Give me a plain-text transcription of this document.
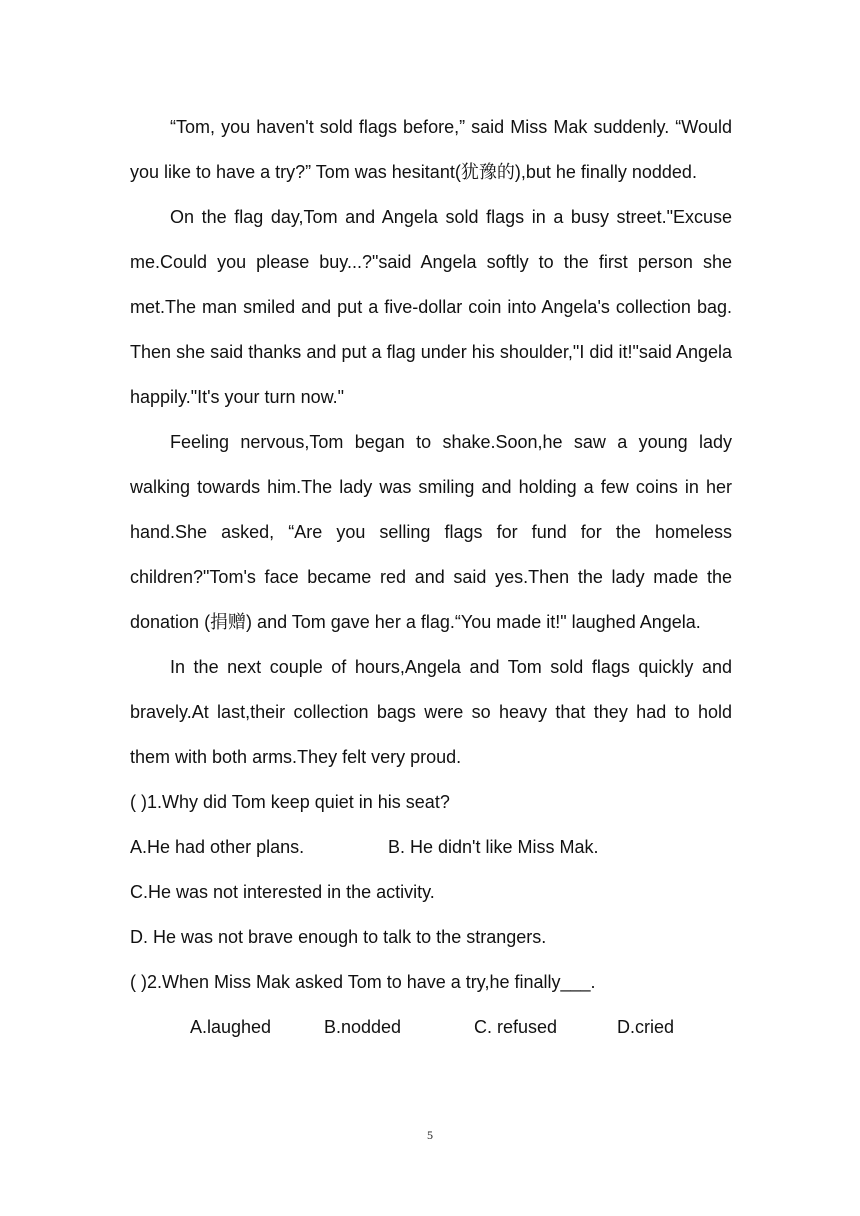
“Tom, you haven't sold flags before,” said Miss Mak suddenly. “Would you like to have a try?” Tom was hesitant(犹豫的),but he finally nodded.

On the flag day,Tom and Angela sold flags in a busy street."Excuse me.Could you please buy...?"said Angela softly to the first person she met.The man smiled and put a five-dollar coin into Angela's collection bag. Then she said thanks and put a flag under his shoulder,"I did it!"said Angela happily."It's your turn now."

Feeling nervous,Tom began to shake.Soon,he saw a young lady walking towards him.The lady was smiling and holding a few coins in her hand.She asked, “Are you selling flags for fund for the homeless children?"Tom's face became red and said yes.Then the lady made the donation (捐赠) and Tom gave her a flag.“You made it!" laughed Angela.

In the next couple of hours,Angela and Tom sold flags quickly and bravely.At last,their collection bags were so heavy that they had to hold them with both arms.They felt very proud.

( )1.Why did Tom keep quiet in his seat?

A.He had other plans.	B. He didn't like Miss Mak.

C.He was not interested in the activity.

D. He was not brave enough to talk to the strangers.

( )2.When Miss Mak asked Tom to have a try,he finally___.

A.laughed	B.nodded	C. refused	D.cried
5
